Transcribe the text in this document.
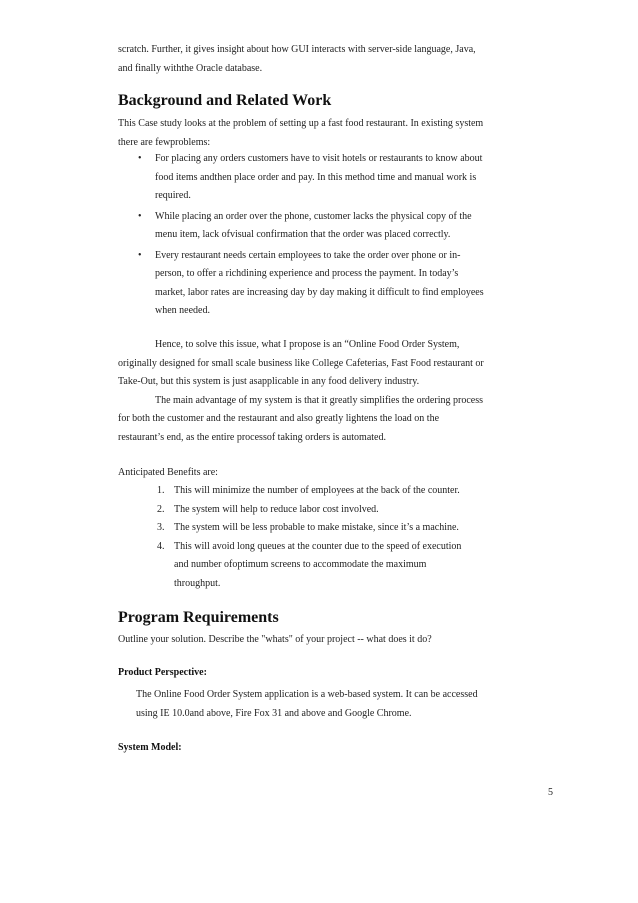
scratch. Further, it gives insight about how GUI interacts with server-side language, Java,
and finally withthe Oracle database.
Background and Related Work
This Case study looks at the problem of setting up a fast food restaurant. In existing system
there are fewproblems:
• For placing any orders customers have to visit hotels or restaurants to know about
food items andthen place order and pay. In this method time and manual work is
required.
• While placing an order over the phone, customer lacks the physical copy of the
menu item, lack ofvisual confirmation that the order was placed correctly.
• Every restaurant needs certain employees to take the order over phone or in-
person, to offer a richdining experience and process the payment. In today’s
market, labor rates are increasing day by day making it difficult to find employees
when needed.
Hence, to solve this issue, what I propose is an “Online Food Order System,
originally designed for small scale business like College Cafeterias, Fast Food restaurant or
Take-Out, but this system is just asapplicable in any food delivery industry.
The main advantage of my system is that it greatly simplifies the ordering process
for both the customer and the restaurant and also greatly lightens the load on the
restaurant’s end, as the entire processof taking orders is automated.
Anticipated Benefits are:
1. This will minimize the number of employees at the back of the counter.
2. The system will help to reduce labor cost involved.
3. The system will be less probable to make mistake, since it’s a machine.
4. This will avoid long queues at the counter due to the speed of execution
and number ofoptimum screens to accommodate the maximum
throughput.
Program Requirements
Outline your solution. Describe the "whats" of your project -- what does it do?
Product Perspective:
The Online Food Order System application is a web-based system. It can be accessed
using IE 10.0and above, Fire Fox 31 and above and Google Chrome.
System Model:
5
